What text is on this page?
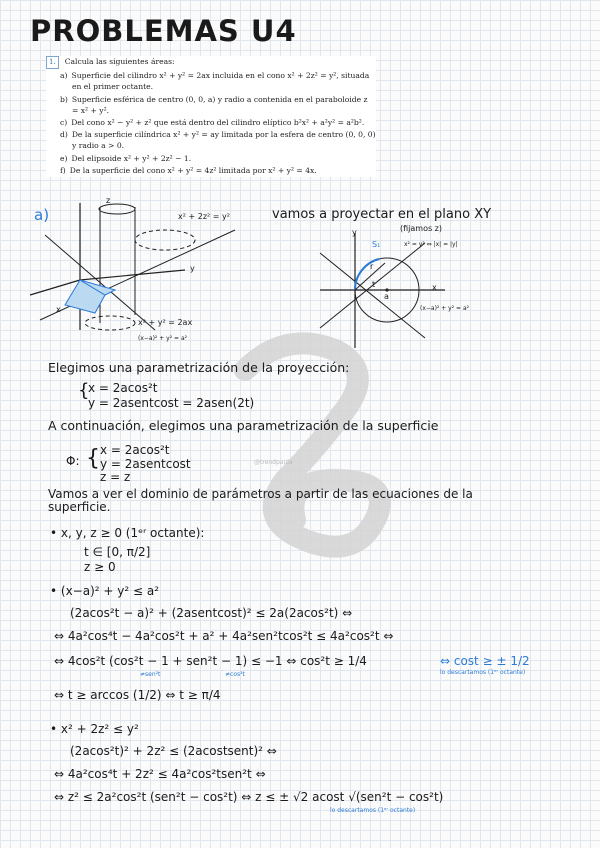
PROBLEMAS U4
1.	Calcula las siguientes áreas:
a) Superficie del cilindro x² + y² = 2ax incluida en el cono x² + 2z² = y², situada en el primer octante.
b) Superficie esférica de centro (0, 0, a) y radio a contenida en el paraboloide z = x² + y².
c) Del cono x² − y² + z² que está dentro del cilindro elíptico b²x² + a²y² = a²b².
d) De la superficie cilíndrica x² + y² = ay limitada por la esfera de centro (0, 0, 0) y radio a > 0.
e) Del elipsoide x² + y² + 2z² − 1.
f) De la superficie del cono x² + y² = 4z² limitada por x² + y² = 4x.
a)
z
y
x
x² + 2z² = y²
x² + y² = 2ax
(x−a)² + y² = a²
vamos a proyectar en el plano XY
(fijamos z)
y
x
S₁
r
t
a
x² = y² ⇔ |x| = |y|
(x−a)² + y² = a²
Elegimos una parametrización de la proyección:
{
x = 2acos²t
y = 2asentcost = 2asen(2t)
A continuación, elegimos una parametrización de la superficie
Φ: { x = 2acos²t
y = 2asentcost
z = z
@trendpaula
Vamos a ver el dominio de parámetros a partir de las ecuaciones de la superficie.
• x, y, z ≥ 0 (1ᵉʳ octante):
t ∈ [0, π/2]
z ≥ 0
• (x−a)² + y² ≤ a²
(2acos²t − a)² + (2asentcost)² ≤ 2a(2acos²t) ⇔
⇔ 4a²cos⁴t − 4a²cos²t + a² + 4a²sen²tcos²t ≤ 4a²cos²t ⇔
⇔ 4cos²t (cos²t − 1 + sen²t − 1) ≤ −1 ⇔ cos²t ≥ 1/4	⇔ cost ≥ ± 1/2
≠sen²t	≠cos²t	lo descartamos (1ᵉʳ octante)
⇔ t ≥ arccos (1/2) ⇔ t ≥ π/4
• x² + 2z² ≤ y²
(2acos²t)² + 2z² ≤ (2acostsent)² ⇔
⇔ 4a²cos⁴t + 2z² ≤ 4a²cos²tsen²t ⇔
⇔ z² ≤ 2a²cos²t (sen²t − cos²t) ⇔ z ≤ ± √2 acost √(sen²t − cos²t)
lo descartamos (1ᵉʳ octante)
